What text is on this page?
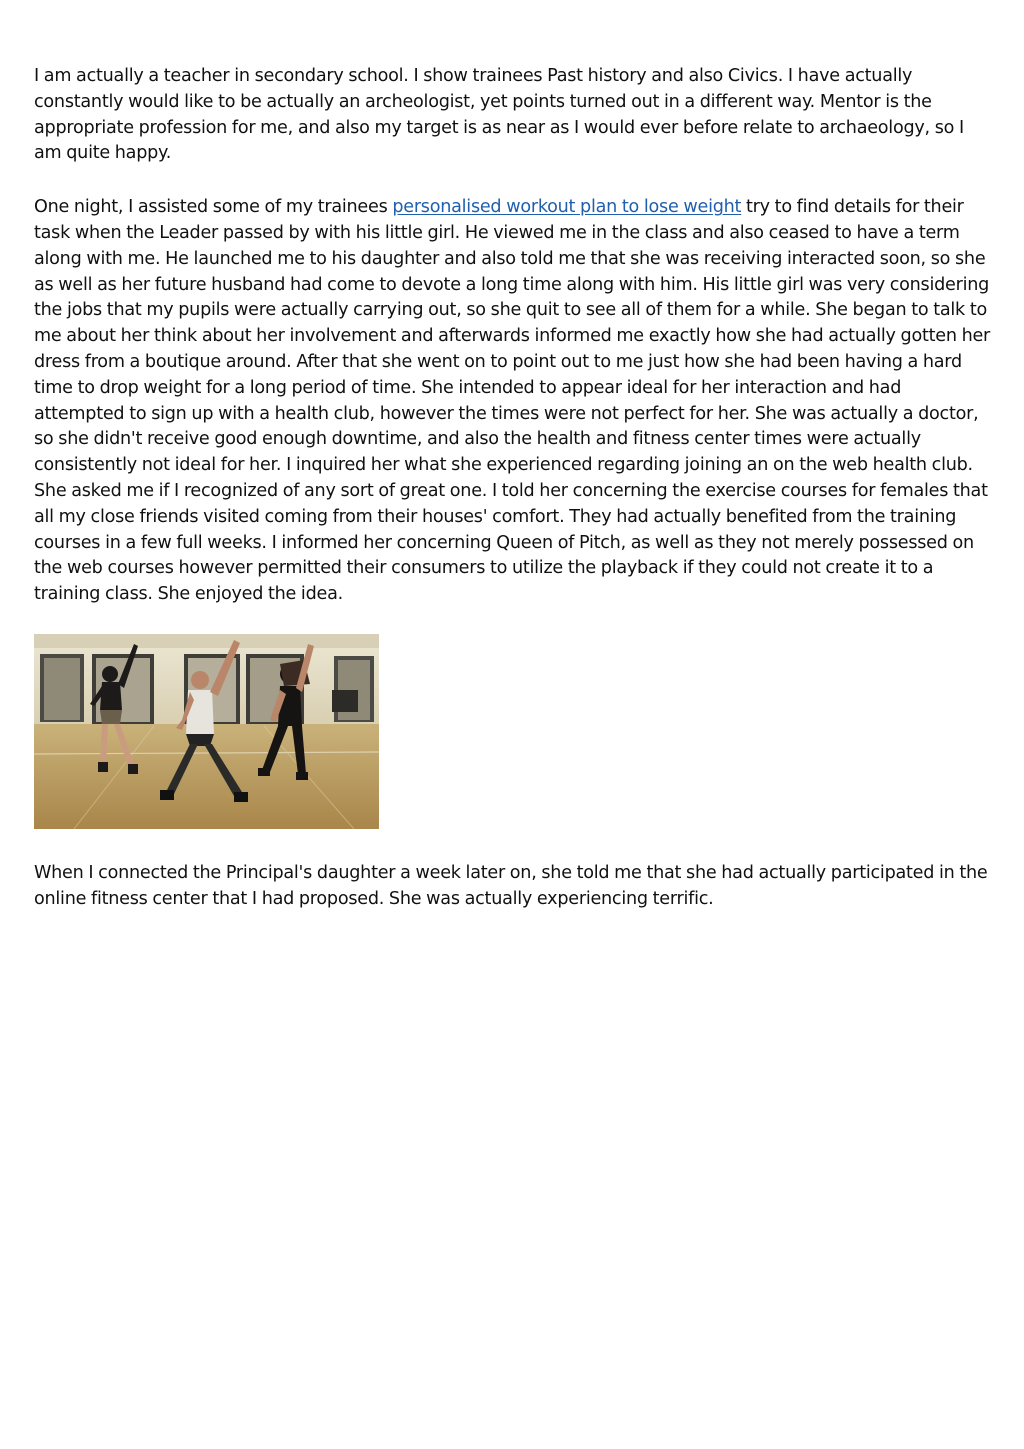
I am actually a teacher in secondary school. I show trainees Past history and also Civics. I have actually constantly would like to be actually an archeologist, yet points turned out in a different way. Mentor is the appropriate profession for me, and also my target is as near as I would ever before relate to archaeology, so I am quite happy.

One night, I assisted some of my trainees personalised workout plan to lose weight try to find details for their task when the Leader passed by with his little girl. He viewed me in the class and also ceased to have a term along with me. He launched me to his daughter and also told me that she was receiving interacted soon, so she as well as her future husband had come to devote a long time along with him. His little girl was very considering the jobs that my pupils were actually carrying out, so she quit to see all of them for a while. She began to talk to me about her think about her involvement and afterwards informed me exactly how she had actually gotten her dress from a boutique around. After that she went on to point out to me just how she had been having a hard time to drop weight for a long period of time. She intended to appear ideal for her interaction and had attempted to sign up with a health club, however the times were not perfect for her. She was actually a doctor, so she didn't receive good enough downtime, and also the health and fitness center times were actually consistently not ideal for her. I inquired her what she experienced regarding joining an on the web health club. She asked me if I recognized of any sort of great one. I told her concerning the exercise courses for females that all my close friends visited coming from their houses' comfort. They had actually benefited from the training courses in a few full weeks. I informed her concerning Queen of Pitch, as well as they not merely possessed on the web courses however permitted their consumers to utilize the playback if they could not create it to a training class. She enjoyed the idea.

When I connected the Principal's daughter a week later on, she told me that she had actually participated in the online fitness center that I had proposed. She was actually experiencing terrific.
